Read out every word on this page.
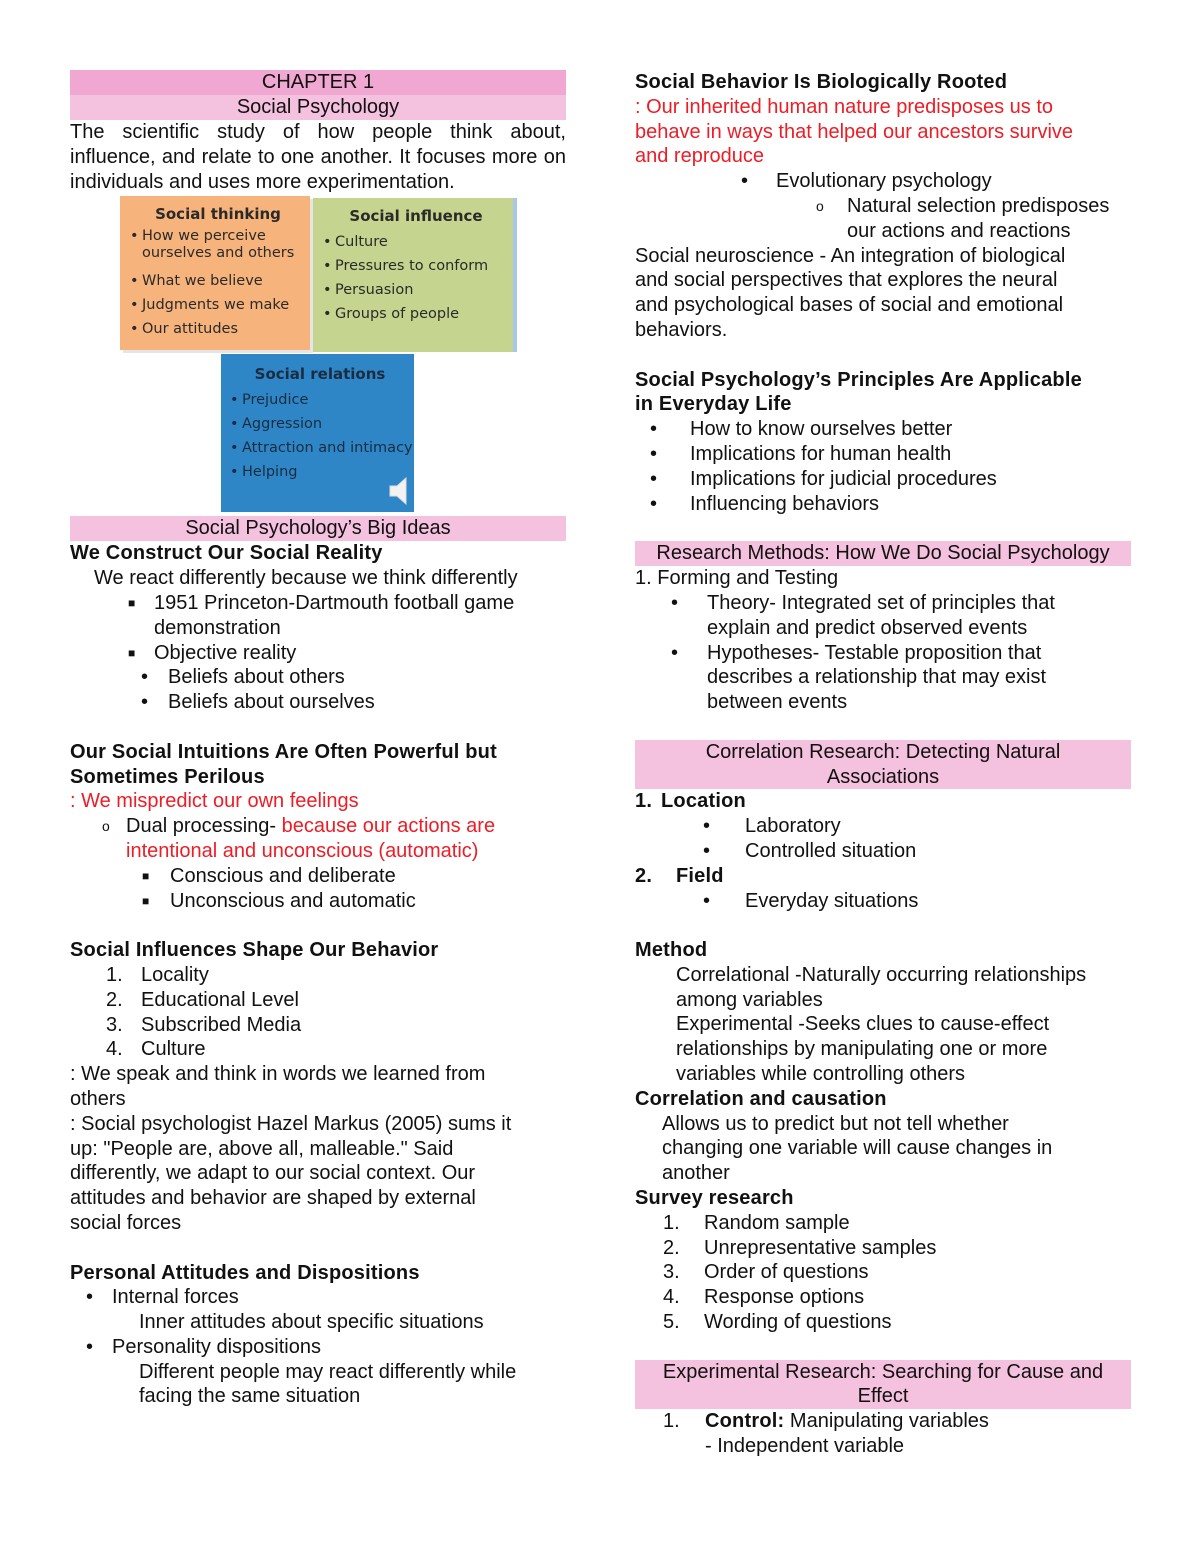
CHAPTER 1
Social Psychology
The scientific study of how people think about, influence, and relate to one another. It focuses more on individuals and uses more experimentation.
Social thinking
• How we perceive ourselves and others
• What we believe
• Judgments we make
• Our attitudes
Social influence
• Culture
• Pressures to conform
• Persuasion
• Groups of people
Social relations
• Prejudice
• Aggression
• Attraction and intimacy
• Helping
Social Psychology’s Big Ideas
We Construct Our Social Reality
We react differently because we think differently
■ 1951 Princeton-Dartmouth football game
demonstration
■ Objective reality
• Beliefs about others
• Beliefs about ourselves
Our Social Intuitions Are Often Powerful but
Sometimes Perilous
: We mispredict our own feelings
o Dual processing- because our actions are
intentional and unconscious (automatic)
■ Conscious and deliberate
■ Unconscious and automatic
Social Influences Shape Our Behavior
1. Locality
2. Educational Level
3. Subscribed Media
4. Culture
: We speak and think in words we learned from
others
: Social psychologist Hazel Markus (2005) sums it
up: "People are, above all, malleable." Said
differently, we adapt to our social context. Our
attitudes and behavior are shaped by external
social forces
Personal Attitudes and Dispositions
• Internal forces
Inner attitudes about specific situations
• Personality dispositions
Different people may react differently while
facing the same situation
Social Behavior Is Biologically Rooted
: Our inherited human nature predisposes us to
behave in ways that helped our ancestors survive
and reproduce
• Evolutionary psychology
o Natural selection predisposes
our actions and reactions
Social neuroscience - An integration of biological
and social perspectives that explores the neural
and psychological bases of social and emotional
behaviors.
Social Psychology’s Principles Are Applicable
in Everyday Life
• How to know ourselves better
• Implications for human health
• Implications for judicial procedures
• Influencing behaviors
Research Methods: How We Do Social Psychology
1. Forming and Testing
• Theory- Integrated set of principles that
explain and predict observed events
• Hypotheses- Testable proposition that
describes a relationship that may exist
between events
Correlation Research: Detecting Natural
Associations
1. Location
• Laboratory
• Controlled situation
2. Field
• Everyday situations
Method
Correlational -Naturally occurring relationships
among variables
Experimental -Seeks clues to cause-effect
relationships by manipulating one or more
variables while controlling others
Correlation and causation
Allows us to predict but not tell whether
changing one variable will cause changes in
another
Survey research
1. Random sample
2. Unrepresentative samples
3. Order of questions
4. Response options
5. Wording of questions
Experimental Research: Searching for Cause and
Effect
1. Control: Manipulating variables
- Independent variable
